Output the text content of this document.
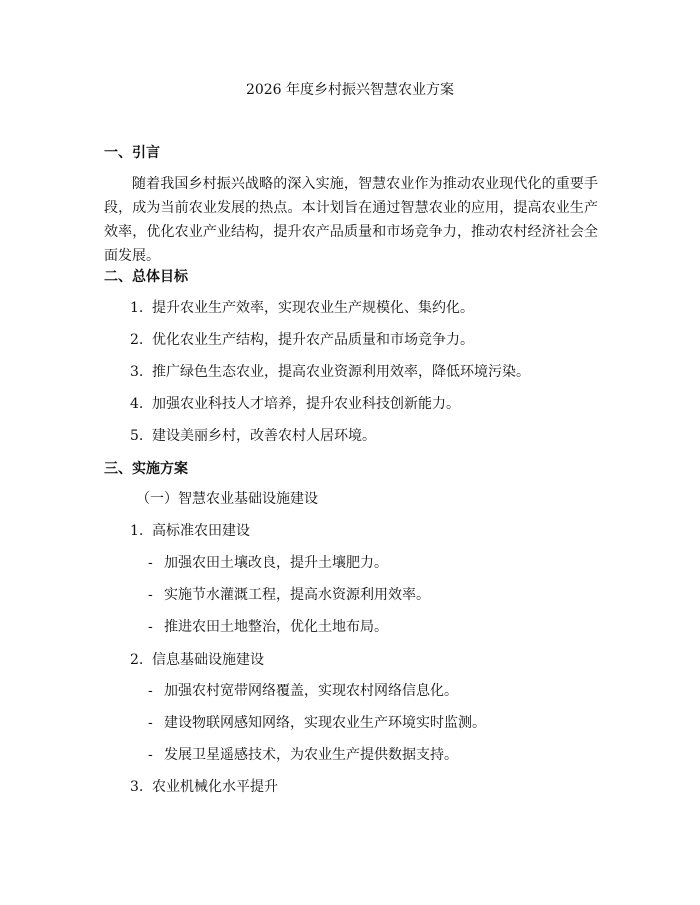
2026 年度乡村振兴智慧农业方案
一、引言
随着我国乡村振兴战略的深入实施，智慧农业作为推动农业现代化的重要手段，成为当前农业发展的热点。本计划旨在通过智慧农业的应用，提高农业生产效率，优化农业产业结构，提升农产品质量和市场竞争力，推动农村经济社会全面发展。
二、总体目标
1. 提升农业生产效率，实现农业生产规模化、集约化。
2. 优化农业生产结构，提升农产品质量和市场竞争力。
3. 推广绿色生态农业，提高农业资源利用效率，降低环境污染。
4. 加强农业科技人才培养，提升农业科技创新能力。
5. 建设美丽乡村，改善农村人居环境。
三、实施方案
（一）智慧农业基础设施建设
1. 高标准农田建设
- 加强农田土壤改良，提升土壤肥力。
- 实施节水灌溉工程，提高水资源利用效率。
- 推进农田土地整治，优化土地布局。
2. 信息基础设施建设
- 加强农村宽带网络覆盖，实现农村网络信息化。
- 建设物联网感知网络，实现农业生产环境实时监测。
- 发展卫星遥感技术，为农业生产提供数据支持。
3. 农业机械化水平提升
